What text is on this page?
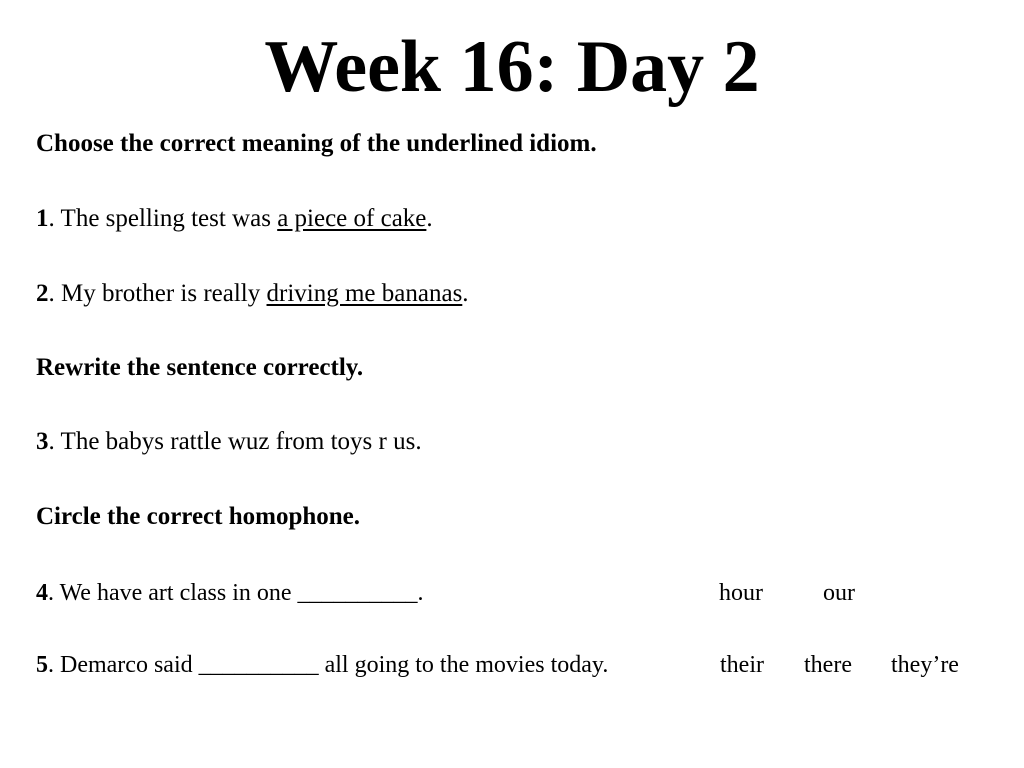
Week 16: Day 2
Choose the correct meaning of the underlined idiom.
1. The spelling test was a piece of cake.
2. My brother is really driving me bananas.
Rewrite the sentence correctly.
3. The babys rattle wuz from toys r us.
Circle the correct homophone.
4. We have art class in one __________.	hour	our
5. Demarco said __________ all going to the movies today.	their there they’re
